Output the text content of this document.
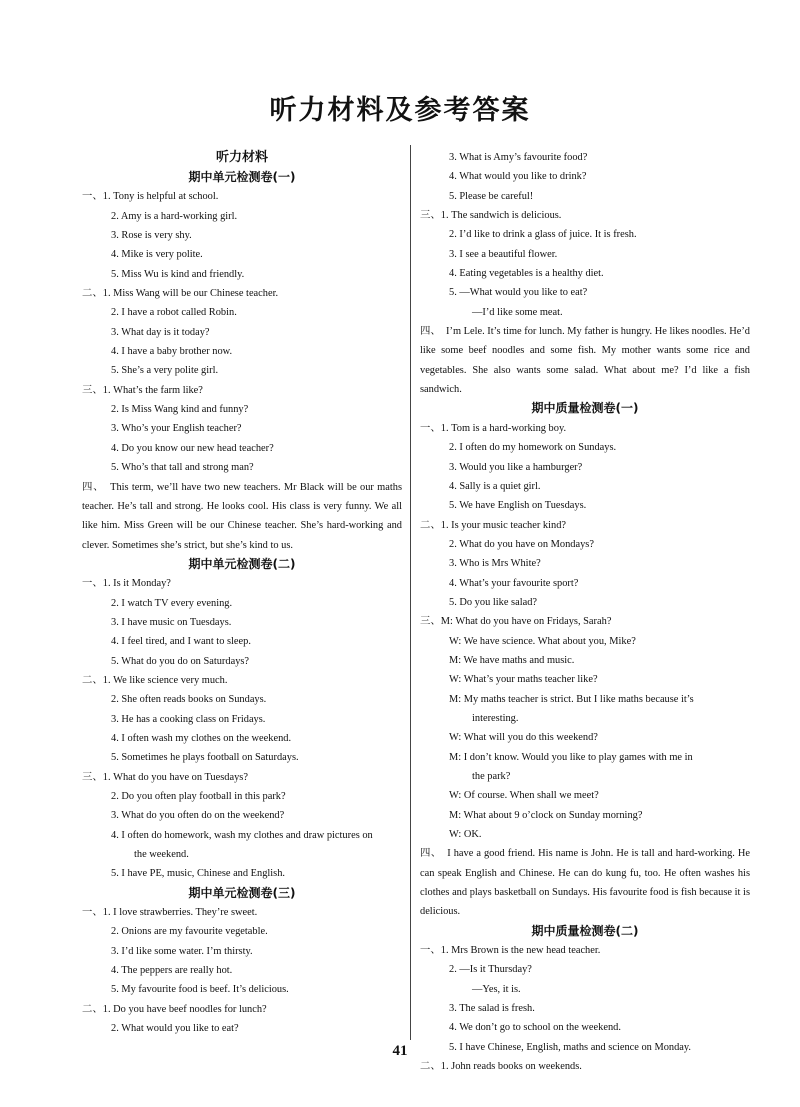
听力材料及参考答案
听力材料
期中单元检测卷(一)
一、1. Tony is helpful at school.
2. Amy is a hard-working girl.
3. Rose is very shy.
4. Mike is very polite.
5. Miss Wu is kind and friendly.
二、1. Miss Wang will be our Chinese teacher.
2. I have a robot called Robin.
3. What day is it today?
4. I have a baby brother now.
5. She’s a very polite girl.
三、1. What’s the farm like?
2. Is Miss Wang kind and funny?
3. Who’s your English teacher?
4. Do you know our new head teacher?
5. Who’s that tall and strong man?
四、　This term, we’ll have two new teachers. Mr Black will be our maths teacher. He’s tall and strong. He looks cool. His class is very funny. We all like him. Miss Green will be our Chinese teacher. She’s hard-working and clever. Sometimes she’s strict, but she’s kind to us.
期中单元检测卷(二)
一、1. Is it Monday?
2. I watch TV every evening.
3. I have music on Tuesdays.
4. I feel tired, and I want to sleep.
5. What do you do on Saturdays?
二、1. We like science very much.
2. She often reads books on Sundays.
3. He has a cooking class on Fridays.
4. I often wash my clothes on the weekend.
5. Sometimes he plays football on Saturdays.
三、1. What do you have on Tuesdays?
2. Do you often play football in this park?
3. What do you often do on the weekend?
4. I often do homework, wash my clothes and draw pictures on
the weekend.
5. I have PE, music, Chinese and English.
期中单元检测卷(三)
一、1. I love strawberries. They’re sweet.
2. Onions are my favourite vegetable.
3. I’d like some water. I’m thirsty.
4. The peppers are really hot.
5. My favourite food is beef. It’s delicious.
二、1. Do you have beef noodles for lunch?
2. What would you like to eat?
3. What is Amy’s favourite food?
4. What would you like to drink?
5. Please be careful!
三、1. The sandwich is delicious.
2. I’d like to drink a glass of juice. It is fresh.
3. I see a beautiful flower.
4. Eating vegetables is a healthy diet.
5. —What would you like to eat?
—I’d like some meat.
四、　I’m Lele. It’s time for lunch. My father is hungry. He likes noodles. He’d like some beef noodles and some fish. My mother wants some rice and vegetables. She also wants some salad. What about me? I’d like a fish sandwich.
期中质量检测卷(一)
一、1. Tom is a hard-working boy.
2. I often do my homework on Sundays.
3. Would you like a hamburger?
4. Sally is a quiet girl.
5. We have English on Tuesdays.
二、1. Is your music teacher kind?
2. What do you have on Mondays?
3. Who is Mrs White?
4. What’s your favourite sport?
5. Do you like salad?
三、M: What do you have on Fridays, Sarah?
W: We have science. What about you, Mike?
M: We have maths and music.
W: What’s your maths teacher like?
M: My maths teacher is strict. But I like maths because it’s
interesting.
W: What will you do this weekend?
M: I don’t know. Would you like to play games with me in
the park?
W: Of course. When shall we meet?
M: What about 9 o’clock on Sunday morning?
W: OK.
四、　I have a good friend. His name is John. He is tall and hard-working. He can speak English and Chinese. He can do kung fu, too. He often washes his clothes and plays basketball on Sundays. His favourite food is fish because it is delicious.
期中质量检测卷(二)
一、1. Mrs Brown is the new head teacher.
2. —Is it Thursday?
—Yes, it is.
3. The salad is fresh.
4. We don’t go to school on the weekend.
5. I have Chinese, English, maths and science on Monday.
二、1. John reads books on weekends.
41
